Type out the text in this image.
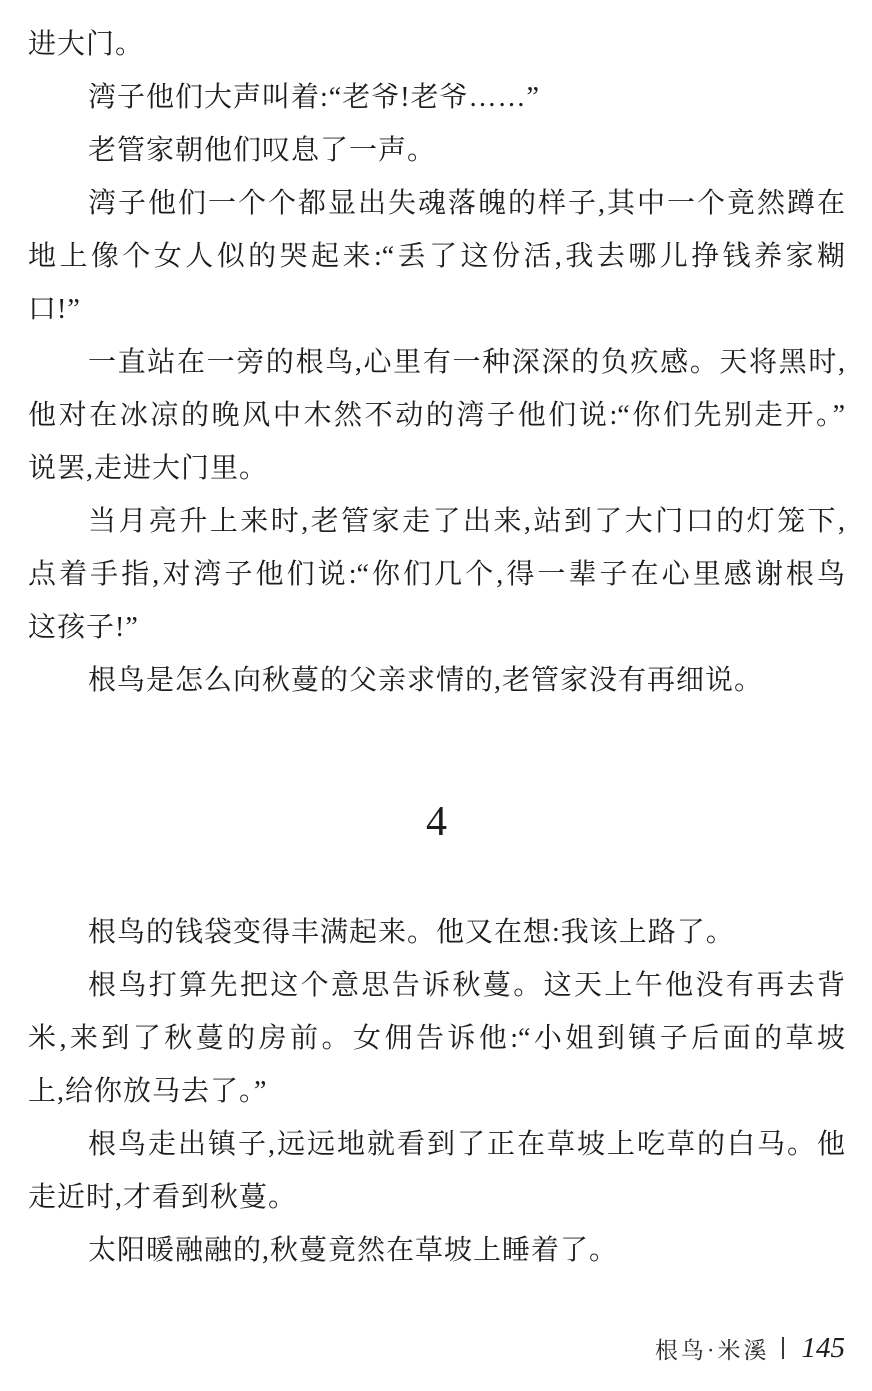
进大门。
湾子他们大声叫着:“老爷!老爷……”
老管家朝他们叹息了一声。
湾子他们一个个都显出失魂落魄的样子,其中一个竟然蹲在
地上像个女人似的哭起来:“丢了这份活,我去哪儿挣钱养家糊
口!”
一直站在一旁的根鸟,心里有一种深深的负疚感。天将黑时,
他对在冰凉的晚风中木然不动的湾子他们说:“你们先别走开。”
说罢,走进大门里。
当月亮升上来时,老管家走了出来,站到了大门口的灯笼下,
点着手指,对湾子他们说:“你们几个,得一辈子在心里感谢根鸟
这孩子!”
根鸟是怎么向秋蔓的父亲求情的,老管家没有再细说。
4
根鸟的钱袋变得丰满起来。他又在想:我该上路了。
根鸟打算先把这个意思告诉秋蔓。这天上午他没有再去背
米,来到了秋蔓的房前。女佣告诉他:“小姐到镇子后面的草坡
上,给你放马去了。”
根鸟走出镇子,远远地就看到了正在草坡上吃草的白马。他
走近时,才看到秋蔓。
太阳暖融融的,秋蔓竟然在草坡上睡着了。
根鸟·米溪 145
